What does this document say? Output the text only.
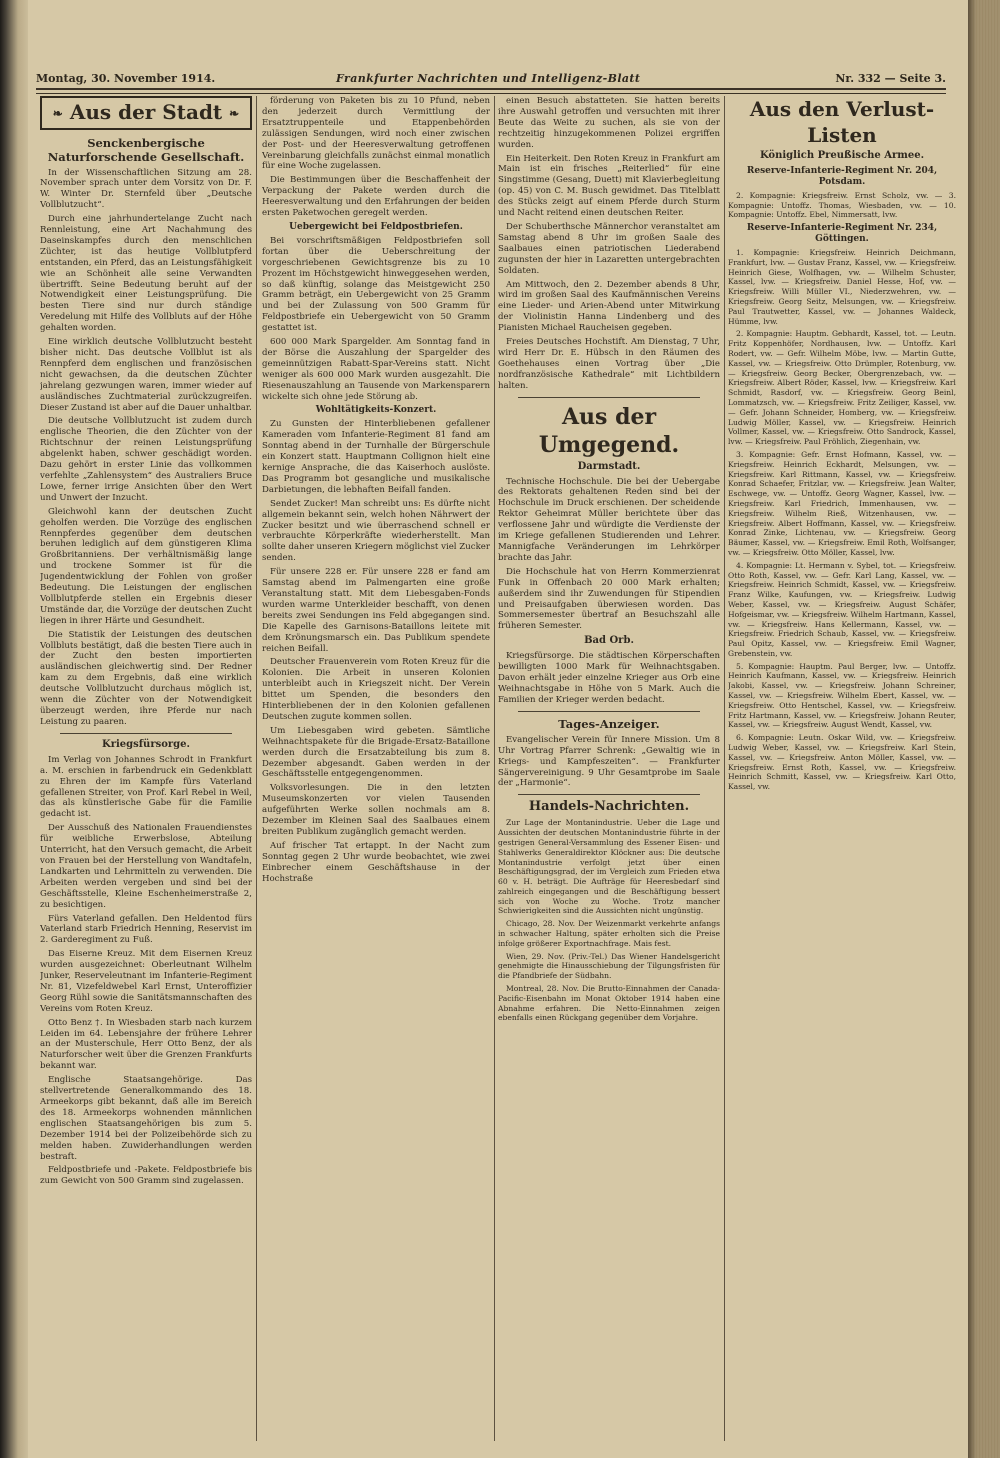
Montag, 30. November 1914.	Frankfurter Nachrichten und Intelligenz-Blatt	Nr. 332 — Seite 3.
❧ Aus der Stadt ❧
Senckenbergische Naturforschende Gesellschaft.

In der Wissenschaftlichen Sitzung am 28. November sprach unter dem Vorsitz von Dr. F. W. Winter Dr. Sternfeld über „Deutsche Vollblutzucht“.

Durch eine jahrhundertelange Zucht nach Rennleistung, eine Art Nachahmung des Daseinskampfes durch den menschlichen Züchter, ist das heutige Vollblutpferd entstanden, ein Pferd, das an Leistungsfähigkeit wie an Schönheit alle seine Verwandten übertrifft. Seine Bedeutung beruht auf der Notwendigkeit einer Leistungsprüfung. Die besten Tiere sind nur durch ständige Veredelung mit Hilfe des Vollbluts auf der Höhe gehalten worden.

Eine wirklich deutsche Vollblutzucht besteht bisher nicht. Das deutsche Vollblut ist als Rennpferd dem englischen und französischen nicht gewachsen, da die deutschen Züchter jahrelang gezwungen waren, immer wieder auf ausländisches Zuchtmaterial zurückzugreifen. Dieser Zustand ist aber auf die Dauer unhaltbar.

Die deutsche Vollblutzucht ist zudem durch englische Theorien, die den Züchter von der Richtschnur der reinen Leistungsprüfung abgelenkt haben, schwer geschädigt worden. Dazu gehört in erster Linie das vollkommen verfehlte „Zahlensystem“ des Australiers Bruce Lowe, ferner irrige Ansichten über den Wert und Unwert der Inzucht.

Gleichwohl kann der deutschen Zucht geholfen werden. Die Vorzüge des englischen Rennpferdes gegenüber dem deutschen beruhen lediglich auf dem günstigeren Klima Großbritanniens. Der verhältnismäßig lange und trockene Sommer ist für die Jugendentwicklung der Fohlen von großer Bedeutung. Die Leistungen der englischen Vollblutpferde stellen ein Ergebnis dieser Umstände dar, die Vorzüge der deutschen Zucht liegen in ihrer Härte und Gesundheit.

Die Statistik der Leistungen des deutschen Vollbluts bestätigt, daß die besten Tiere auch in der Zucht den besten importierten ausländischen gleichwertig sind. Der Redner kam zu dem Ergebnis, daß eine wirklich deutsche Vollblutzucht durchaus möglich ist, wenn die Züchter von der Notwendigkeit überzeugt werden, ihre Pferde nur nach Leistung zu paaren.

Kriegsfürsorge.

Im Verlag von Johannes Schrodt in Frankfurt a. M. erschien in farbendruck ein Gedenkblatt zu Ehren der im Kampfe fürs Vaterland gefallenen Streiter, von Prof. Karl Rebel in Weil, das als künstlerische Gabe für die Familie gedacht ist.

Der Ausschuß des Nationalen Frauendienstes für weibliche Erwerbslose, Abteilung Unterricht, hat den Versuch gemacht, die Arbeit von Frauen bei der Herstellung von Wandtafeln, Landkarten und Lehrmitteln zu verwenden. Die Arbeiten werden vergeben und sind bei der Geschäftsstelle, Kleine Eschenheimerstraße 2, zu besichtigen.

Fürs Vaterland gefallen. Den Heldentod fürs Vaterland starb Friedrich Henning, Reservist im 2. Garderegiment zu Fuß.

Das Eiserne Kreuz. Mit dem Eisernen Kreuz wurden ausgezeichnet: Oberleutnant Wilhelm Junker, Reserveleutnant im Infanterie-Regiment Nr. 81, Vizefeldwebel Karl Ernst, Unteroffizier Georg Rühl sowie die Sanitätsmannschaften des Vereins vom Roten Kreuz.

Otto Benz †. In Wiesbaden starb nach kurzem Leiden im 64. Lebensjahre der frühere Lehrer an der Musterschule, Herr Otto Benz, der als Naturforscher weit über die Grenzen Frankfurts bekannt war.

Englische Staatsangehörige. Das stellvertretende Generalkommando des 18. Armeekorps gibt bekannt, daß alle im Bereich des 18. Armeekorps wohnenden männlichen englischen Staatsangehörigen bis zum 5. Dezember 1914 bei der Polizeibehörde sich zu melden haben. Zuwiderhandlungen werden bestraft.

Feldpostbriefe und -Pakete. Feldpostbriefe bis zum Gewicht von 500 Gramm sind zugelassen.

förderung von Paketen bis zu 10 Pfund, neben den jederzeit durch Vermittlung der Ersatztruppenteile und Etappenbehörden zulässigen Sendungen, wird noch einer zwischen der Post- und der Heeresverwaltung getroffenen Vereinbarung gleichfalls zunächst einmal monatlich für eine Woche zugelassen.

Die Bestimmungen über die Beschaffenheit der Verpackung der Pakete werden durch die Heeresverwaltung und den Erfahrungen der beiden ersten Paketwochen geregelt werden.

Uebergewicht bei Feldpostbriefen.

Bei vorschriftsmäßigen Feldpostbriefen soll fortan über die Ueberschreitung der vorgeschriebenen Gewichtsgrenze bis zu 10 Prozent im Höchstgewicht hinweggesehen werden, so daß künftig, solange das Meistgewicht 250 Gramm beträgt, ein Uebergewicht von 25 Gramm und bei der Zulassung von 500 Gramm für Feldpostbriefe ein Uebergewicht von 50 Gramm gestattet ist.

600 000 Mark Spargelder. Am Sonntag fand in der Börse die Auszahlung der Spargelder des gemeinnützigen Rabatt-Spar-Vereins statt. Nicht weniger als 600 000 Mark wurden ausgezahlt. Die Riesenauszahlung an Tausende von Markensparern wickelte sich ohne jede Störung ab.

Wohltätigkeits-Konzert.

Zu Gunsten der Hinterbliebenen gefallener Kameraden vom Infanterie-Regiment 81 fand am Sonntag abend in der Turnhalle der Bürgerschule ein Konzert statt. Hauptmann Collignon hielt eine kernige Ansprache, die das Kaiserhoch auslöste. Das Programm bot gesangliche und musikalische Darbietungen, die lebhaften Beifall fanden.

Sendet Zucker! Man schreibt uns: Es dürfte nicht allgemein bekannt sein, welch hohen Nährwert der Zucker besitzt und wie überraschend schnell er verbrauchte Körperkräfte wiederherstellt. Man sollte daher unseren Kriegern möglichst viel Zucker senden.

Für unsere 228 er. Für unsere 228 er fand am Samstag abend im Palmengarten eine große Veranstaltung statt. Mit dem Liebesgaben-Fonds wurden warme Unterkleider beschafft, von denen bereits zwei Sendungen ins Feld abgegangen sind. Die Kapelle des Garnisons-Bataillons leitete mit dem Krönungsmarsch ein. Das Publikum spendete reichen Beifall.

Deutscher Frauenverein vom Roten Kreuz für die Kolonien. Die Arbeit in unseren Kolonien unterbleibt auch in Kriegszeit nicht. Der Verein bittet um Spenden, die besonders den Hinterbliebenen der in den Kolonien gefallenen Deutschen zugute kommen sollen.

Um Liebesgaben wird gebeten. Sämtliche Weihnachtspakete für die Brigade-Ersatz-Bataillone werden durch die Ersatzabteilung bis zum 8. Dezember abgesandt. Gaben werden in der Geschäftsstelle entgegengenommen.

Volksvorlesungen. Die in den letzten Museumskonzerten vor vielen Tausenden aufgeführten Werke sollen nochmals am 8. Dezember im Kleinen Saal des Saalbaues einem breiten Publikum zugänglich gemacht werden.

Auf frischer Tat ertappt. In der Nacht zum Sonntag gegen 2 Uhr wurde beobachtet, wie zwei Einbrecher einem Geschäftshause in der Hochstraße

einen Besuch abstatteten. Sie hatten bereits ihre Auswahl getroffen und versuchten mit ihrer Beute das Weite zu suchen, als sie von der rechtzeitig hinzugekommenen Polizei ergriffen wurden.

Ein Heiterkeit. Den Roten Kreuz in Frankfurt am Main ist ein frisches „Reiterlied“ für eine Singstimme (Gesang, Duett) mit Klavierbegleitung (op. 45) von C. M. Busch gewidmet. Das Titelblatt des Stücks zeigt auf einem Pferde durch Sturm und Nacht reitend einen deutschen Reiter.

Der Schuberthsche Männerchor veranstaltet am Samstag abend 8 Uhr im großen Saale des Saalbaues einen patriotischen Liederabend zugunsten der hier in Lazaretten untergebrachten Soldaten.

Am Mittwoch, den 2. Dezember abends 8 Uhr, wird im großen Saal des Kaufmännischen Vereins eine Lieder- und Arien-Abend unter Mitwirkung der Violinistin Hanna Lindenberg und des Pianisten Michael Raucheisen gegeben.

Freies Deutsches Hochstift. Am Dienstag, 7 Uhr, wird Herr Dr. E. Hübsch in den Räumen des Goethehauses einen Vortrag über „Die nordfranzösische Kathedrale“ mit Lichtbildern halten.

Aus der Umgegend.
Darmstadt.

Technische Hochschule. Die bei der Uebergabe des Rektorats gehaltenen Reden sind bei der Hochschule im Druck erschienen. Der scheidende Rektor Geheimrat Müller berichtete über das verflossene Jahr und würdigte die Verdienste der im Kriege gefallenen Studierenden und Lehrer. Mannigfache Veränderungen im Lehrkörper brachte das Jahr.

Die Hochschule hat von Herrn Kommerzienrat Funk in Offenbach 20 000 Mark erhalten; außerdem sind ihr Zuwendungen für Stipendien und Preisaufgaben überwiesen worden. Das Sommersemester übertraf an Besuchszahl alle früheren Semester.

Bad Orb.

Kriegsfürsorge. Die städtischen Körperschaften bewilligten 1000 Mark für Weihnachtsgaben. Davon erhält jeder einzelne Krieger aus Orb eine Weihnachtsgabe in Höhe von 5 Mark. Auch die Familien der Krieger werden bedacht.

Tages-Anzeiger.

Evangelischer Verein für Innere Mission. Um 8 Uhr Vortrag Pfarrer Schrenk: „Gewaltig wie in Kriegs- und Kampfeszeiten“. — Frankfurter Sängervereinigung. 9 Uhr Gesamtprobe im Saale der „Harmonie“.

Handels-Nachrichten.

Zur Lage der Montanindustrie. Ueber die Lage und Aussichten der deutschen Montanindustrie führte in der gestrigen General-Versammlung des Essener Eisen- und Stahlwerks Generaldirektor Klöckner aus: Die deutsche Montanindustrie verfolgt jetzt über einen Beschäftigungsgrad, der im Vergleich zum Frieden etwa 60 v. H. beträgt. Die Aufträge für Heeresbedarf sind zahlreich eingegangen und die Beschäftigung bessert sich von Woche zu Woche. Trotz mancher Schwierigkeiten sind die Aussichten nicht ungünstig.

Chicago, 28. Nov. Der Weizenmarkt verkehrte anfangs in schwacher Haltung, später erholten sich die Preise infolge größerer Exportnachfrage. Mais fest.

Wien, 29. Nov. (Priv.-Tel.) Das Wiener Handelsgericht genehmigte die Hinausschiebung der Tilgungsfristen für die Pfandbriefe der Südbahn.

Montreal, 28. Nov. Die Brutto-Einnahmen der Canada-Pacific-Eisenbahn im Monat Oktober 1914 haben eine Abnahme erfahren. Die Netto-Einnahmen zeigen ebenfalls einen Rückgang gegenüber dem Vorjahre.

Aus den Verlust-Listen
Königlich Preußische Armee.
Reserve-Infanterie-Regiment Nr. 204, Potsdam.

2. Kompagnie: Kriegsfreiw. Ernst Scholz, vw. — 3. Kompagnie: Untoffz. Thomas, Wiesbaden, vw. — 10. Kompagnie: Untoffz. Ebel, Nimmersatt, lvw.

Reserve-Infanterie-Regiment Nr. 234, Göttingen.

1. Kompagnie: Kriegsfreiw. Heinrich Deichmann, Frankfurt, lvw. — Gustav Franz, Kassel, vw. — Kriegsfreiw. Heinrich Giese, Wolfhagen, vw. — Wilhelm Schuster, Kassel, lvw. — Kriegsfreiw. Daniel Hesse, Hof, vw. — Kriegsfreiw. Willi Müller VI., Niederzwehren, vw. — Kriegsfreiw. Georg Seitz, Melsungen, vw. — Kriegsfreiw. Paul Trautwetter, Kassel, vw. — Johannes Waldeck, Hümme, lvw.

2. Kompagnie: Hauptm. Gebhardt, Kassel, tot. — Leutn. Fritz Koppenhöfer, Nordhausen, lvw. — Untoffz. Karl Rodert, vw. — Gefr. Wilhelm Möbe, lvw. — Martin Gutte, Kassel, vw. — Kriegsfreiw. Otto Drümpler, Rotenburg, vw. — Kriegsfreiw. Georg Becker, Obergrenzebach, vw. — Kriegsfreiw. Albert Röder, Kassel, lvw. — Kriegsfreiw. Karl Schmidt, Rasdorf, vw. — Kriegsfreiw. Georg Beinl, Lommatzsch, vw. — Kriegsfreiw. Fritz Zeiliger, Kassel, vw. — Gefr. Johann Schneider, Homberg, vw. — Kriegsfreiw. Ludwig Möller, Kassel, vw. — Kriegsfreiw. Heinrich Vollmer, Kassel, vw. — Kriegsfreiw. Otto Sandrock, Kassel, lvw. — Kriegsfreiw. Paul Fröhlich, Ziegenhain, vw.

3. Kompagnie: Gefr. Ernst Hofmann, Kassel, vw. — Kriegsfreiw. Heinrich Eckhardt, Melsungen, vw. — Kriegsfreiw. Karl Rittmann, Kassel, vw. — Kriegsfreiw. Konrad Schaefer, Fritzlar, vw. — Kriegsfreiw. Jean Walter, Eschwege, vw. — Untoffz. Georg Wagner, Kassel, lvw. — Kriegsfreiw. Karl Friedrich, Immenhausen, vw. — Kriegsfreiw. Wilhelm Rieß, Witzenhausen, vw. — Kriegsfreiw. Albert Hoffmann, Kassel, vw. — Kriegsfreiw. Konrad Zinke, Lichtenau, vw. — Kriegsfreiw. Georg Bäumer, Kassel, vw. — Kriegsfreiw. Emil Roth, Wolfsanger, vw. — Kriegsfreiw. Otto Möller, Kassel, lvw.

4. Kompagnie: Lt. Hermann v. Sybel, tot. — Kriegsfreiw. Otto Roth, Kassel, vw. — Gefr. Karl Lang, Kassel, vw. — Kriegsfreiw. Heinrich Schmidt, Kassel, vw. — Kriegsfreiw. Franz Wilke, Kaufungen, vw. — Kriegsfreiw. Ludwig Weber, Kassel, vw. — Kriegsfreiw. August Schäfer, Hofgeismar, vw. — Kriegsfreiw. Wilhelm Hartmann, Kassel, vw. — Kriegsfreiw. Hans Kellermann, Kassel, vw. — Kriegsfreiw. Friedrich Schaub, Kassel, vw. — Kriegsfreiw. Paul Opitz, Kassel, vw. — Kriegsfreiw. Emil Wagner, Grebenstein, vw.

5. Kompagnie: Hauptm. Paul Berger, lvw. — Untoffz. Heinrich Kaufmann, Kassel, vw. — Kriegsfreiw. Heinrich Jakobi, Kassel, vw. — Kriegsfreiw. Johann Schreiner, Kassel, vw. — Kriegsfreiw. Wilhelm Ebert, Kassel, vw. — Kriegsfreiw. Otto Hentschel, Kassel, vw. — Kriegsfreiw. Fritz Hartmann, Kassel, vw. — Kriegsfreiw. Johann Reuter, Kassel, vw. — Kriegsfreiw. August Wendt, Kassel, vw.

6. Kompagnie: Leutn. Oskar Wild, vw. — Kriegsfreiw. Ludwig Weber, Kassel, vw. — Kriegsfreiw. Karl Stein, Kassel, vw. — Kriegsfreiw. Anton Möller, Kassel, vw. — Kriegsfreiw. Ernst Roth, Kassel, vw. — Kriegsfreiw. Heinrich Schmitt, Kassel, vw. — Kriegsfreiw. Karl Otto, Kassel, vw.
